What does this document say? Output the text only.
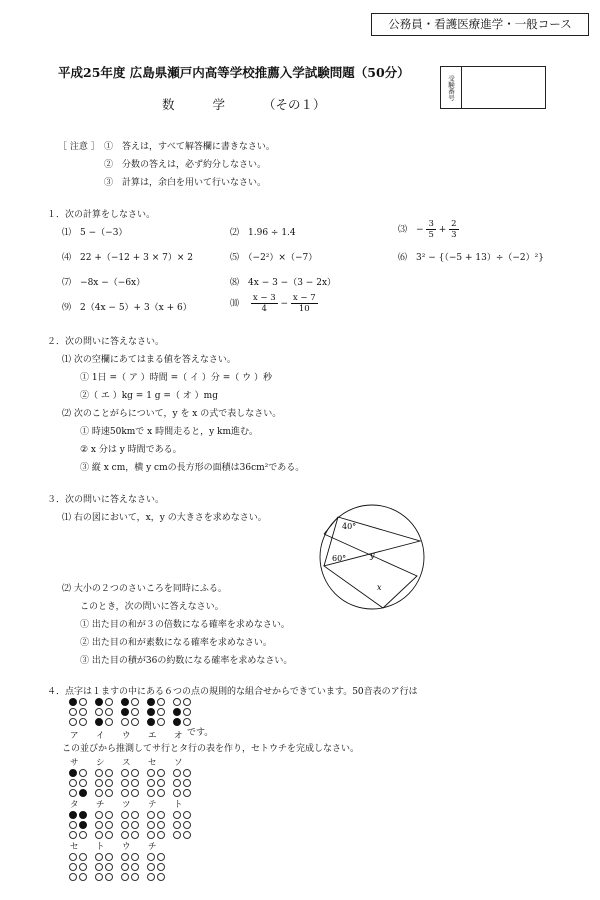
公務員・看護医療進学・一般コース
平成25年度 広島県瀬戸内高等学校推薦入学試験問題（50分）
数	学	（その１）
受験番号
［ 注意 ］ ①　 答えは，すべて解答欄に書きなさい。
②　 分数の答えは，必ず約分しなさい。
③　 計算は，余白を用いて行いなさい。
１．次の計算をしなさい。
⑴　 5 −（−3）	⑵　 1.96 ÷ 1.4	⑶　 − $\frac{3}{5} + \frac{2}{3}$
⑷　 22 +（−12 + 3 × 7）× 2	⑸　 （−2²）×（−7）	⑹　 3² − {（−5 + 13）÷（−2）²}
⑺　 −8x −（−6x）	⑻　 4x − 3 −（3 − 2x）
⑼　 2（4x − 5）+ 3（x + 6）	⑽　 $\frac{x - 3}{4} - \frac{x - 7}{10}$
２．次の問いに答えなさい。
⑴ 次の空欄にあてはまる値を答えなさい。
① 1日 =（ ア ）時間 =（ イ ）分 =（ ウ ）秒
②（ エ ）kg = 1 g =（ オ ）mg
⑵ 次のことがらについて，y を x の式で表しなさい。
① 時速50kmで x 時間走ると，y km進む。
② x 分は y 時間である。
③ 縦 x cm，横 y cmの長方形の面積は36cm²である。
３．次の問いに答えなさい。
⑴ 右の図において，x，y の大きさを求めなさい。
40°
60°	y
x
⑵ 大小の２つのさいころを同時にふる。
このとき，次の問いに答えなさい。
① 出た目の和が３の倍数になる確率を求めなさい。
② 出た目の和が素数になる確率を求めなさい。
③ 出た目の積が36の約数になる確率を求めなさい。
４．点字は１ますの中にある６つの点の規則的な組合せからできています。50音表のア行は
です。
この並びから推測してサ行とタ行の表を作り，セトウチを完成しなさい。
ア イ ウ エ オ
サ シ ス セ ソ
タ チ ツ テ ト
セ ト ウ チ
